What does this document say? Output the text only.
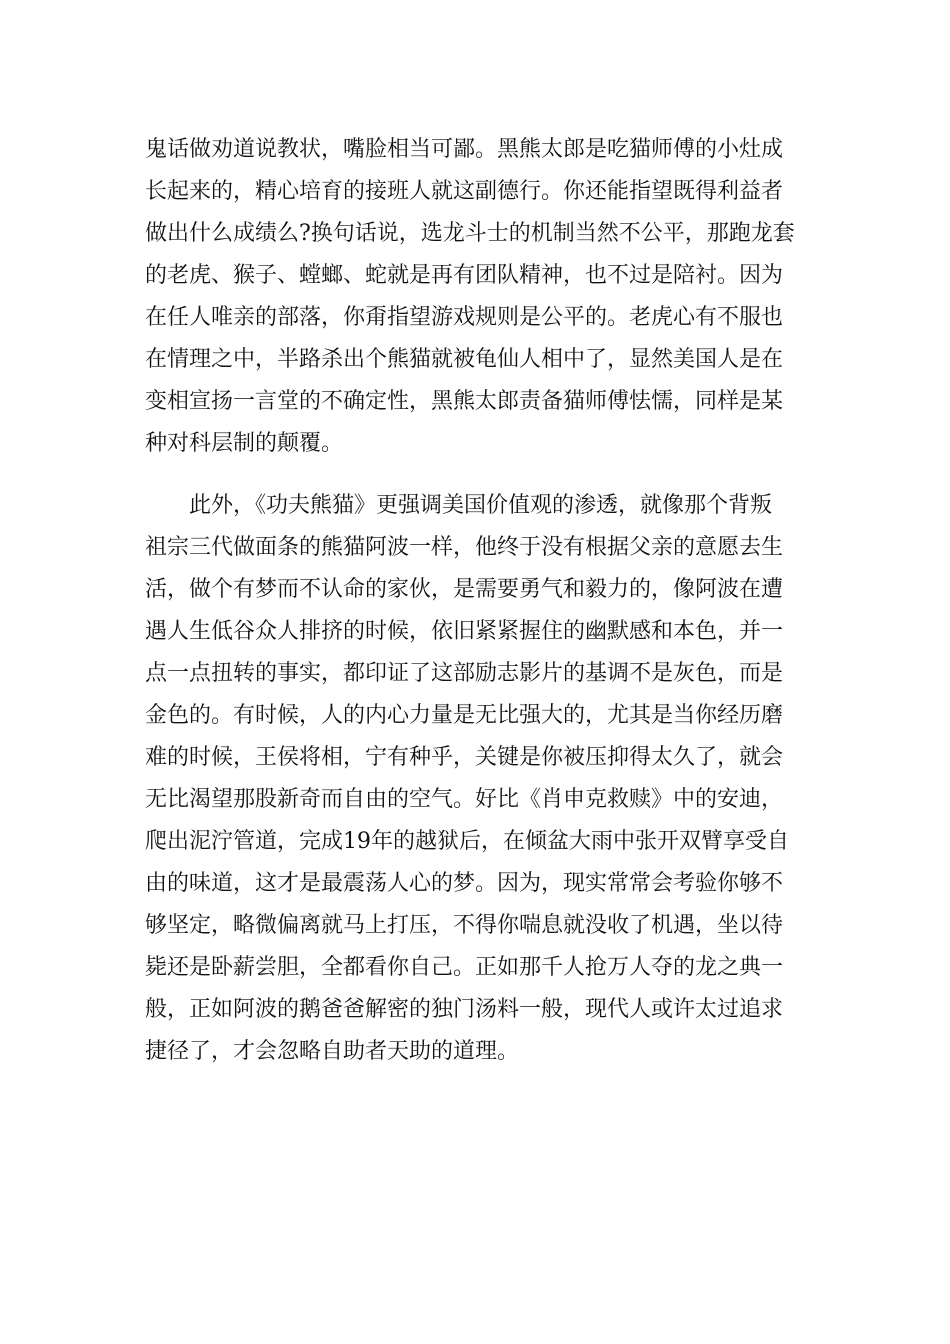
鬼话做劝道说教状，嘴脸相当可鄙。黑熊太郎是吃猫师傅的小灶成
长起来的，精心培育的接班人就这副德行。你还能指望既得利益者
做出什么成绩么?换句话说，选龙斗士的机制当然不公平，那跑龙套
的老虎、猴子、螳螂、蛇就是再有团队精神，也不过是陪衬。因为
在任人唯亲的部落，你甭指望游戏规则是公平的。老虎心有不服也
在情理之中，半路杀出个熊猫就被龟仙人相中了，显然美国人是在
变相宣扬一言堂的不确定性，黑熊太郎责备猫师傅怯懦，同样是某
种对科层制的颠覆。
此外，《功夫熊猫》更强调美国价值观的渗透，就像那个背叛
祖宗三代做面条的熊猫阿波一样，他终于没有根据父亲的意愿去生
活，做个有梦而不认命的家伙，是需要勇气和毅力的，像阿波在遭
遇人生低谷众人排挤的时候，依旧紧紧握住的幽默感和本色，并一
点一点扭转的事实，都印证了这部励志影片的基调不是灰色，而是
金色的。有时候，人的内心力量是无比强大的，尤其是当你经历磨
难的时候，王侯将相，宁有种乎，关键是你被压抑得太久了，就会
无比渴望那股新奇而自由的空气。好比《肖申克救赎》中的安迪，
爬出泥泞管道，完成19年的越狱后，在倾盆大雨中张开双臂享受自
由的味道，这才是最震荡人心的梦。因为，现实常常会考验你够不
够坚定，略微偏离就马上打压，不得你喘息就没收了机遇，坐以待
毙还是卧薪尝胆，全都看你自己。正如那千人抢万人夺的龙之典一
般，正如阿波的鹅爸爸解密的独门汤料一般，现代人或许太过追求
捷径了，才会忽略自助者天助的道理。
